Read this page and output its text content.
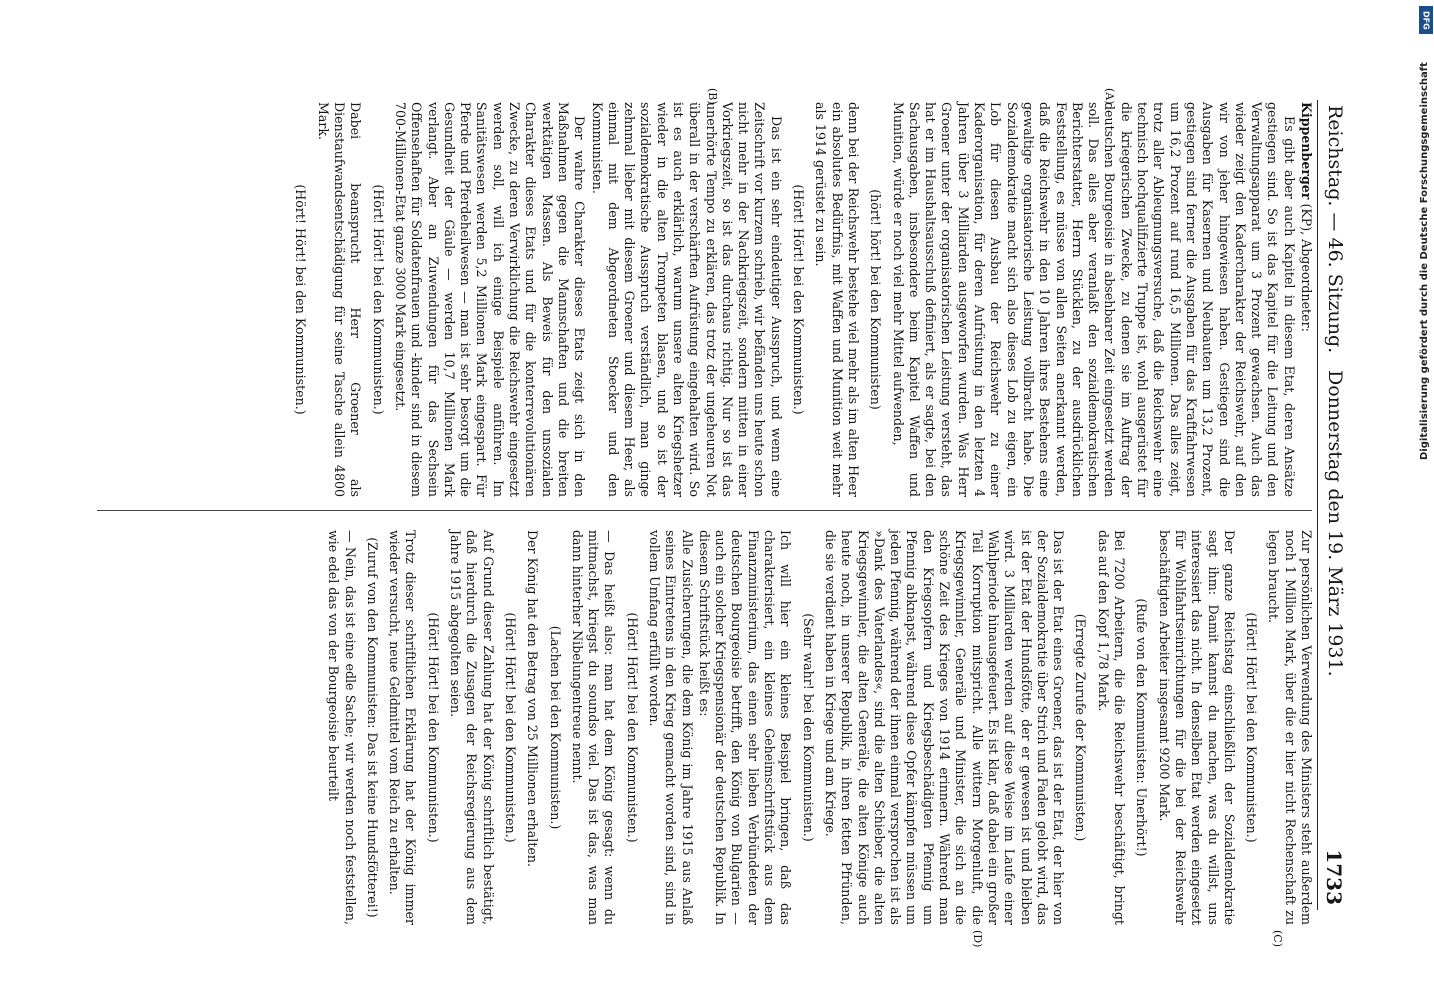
Reichstag. — 46. Sitzung.
Donnerstag den 19. März 1931.
1733
(A)
(B)
(C)
(D)

Kippenberger (KP), Abgeordneter:

Es gibt aber auch Kapitel in diesem Etat, deren Ansätze gestiegen sind. So ist das Kapitel für die Leitung und den Verwaltungsapparat um 3 Prozent gewachsen. Auch das wieder zeigt den Kadercharakter der Reichswehr, auf den wir von jeher hingewiesen haben. Gestiegen sind die Ausgaben für Kasernen und Neubauten um 13,2 Prozent, gestiegen sind ferner die Ausgaben für das Kraftfahrwesen um 16,2 Prozent auf rund 16,5 Millionen. Das alles zeigt, trotz aller Ableugnungsversuche, daß die Reichswehr eine technisch hochqualifizierte Truppe ist, wohl ausgerüstet für die kriegerischen Zwecke, zu denen sie im Auftrag der deutschen Bourgeoisie in absehbarer Zeit eingesetzt werden soll. Das alles aber veranlaßt den sozialdemokratischen Berichterstatter, Herrn Stücklen, zu der ausdrücklichen Feststellung, es müsse von allen Seiten anerkannt werden, daß die Reichswehr in den 10 Jahren ihres Bestehens eine gewaltige organisatorische Leistung vollbracht habe. Die Sozialdemokratie macht sich also dieses Lob zu eigen, ein Lob für diesen Ausbau der Reichswehr zu einer Kaderorganisation, für deren Aufrüstung in den letzten 4 Jahren über 3 Milliarden ausgeworfen wurden. Was Herr Groener unter der organisatorischen Leistung versteht, das hat er im Haushaltsausschuß definiert, als er sagte, bei den Sachausgaben, insbesondere beim Kapitel Waffen und Munition, würde er noch viel mehr Mittel aufwenden,

(hört! hört! bei den Kommunisten)

denn bei der Reichswehr bestehe viel mehr als im alten Heer ein absolutes Bedürfnis, mit Waffen und Munition weit mehr als 1914 gerüstet zu sein.

(Hört! Hört! bei den Kommunisten.)

Das ist ein sehr eindeutiger Ausspruch, und wenn eine Zeitschrift vor kurzem schrieb, wir befänden uns heute schon nicht mehr in der Nachkriegszeit, sondern mitten in einer Vorkriegszeit, so ist das durchaus richtig. Nur so ist das unerhörte Tempo zu erklären, das trotz der ungeheuren Not überall in der verschärften Aufrüstung eingehalten wird. So ist es auch erklärlich, warum unsere alten Kriegshetzer wieder in die alten Trompeten blasen, und so ist der sozialdemokratische Ausspruch verständlich, man ginge zehnmal lieber mit diesem Groener und diesem Heer, als einmal mit dem Abgeordneten Stoecker und den Kommunisten.

Der wahre Charakter dieses Etats zeigt sich in den Maßnahmen gegen die Mannschaften und die breiten werktätigen Massen. Als Beweis für den unsozialen Charakter dieses Etats und für die konterrevolutionären Zwecke, zu deren Verwirklichung die Reichswehr eingesetzt werden soll, will ich einige Beispiele anführen. Im Sanitätswesen werden 5,2 Millionen Mark eingespart. Für Pferde und Pferdeheilwesen — man ist sehr besorgt um die Gesundheit der Gäule — werden 10,7 Millionen Mark verlangt. Aber an Zuwendungen für das Sechsein Offensehaften für Soldatenfrauen und -kinder sind in diesem 700-Millionen-Etat ganze 3000 Mark eingesetzt.

(Hört! Hört! bei den Kommunisten.)

Dabei beansprucht Herr Groener als Dienstaufwandsentschädigung für seine Tasche allein 4800 Mark.

(Hört! Hört! bei den Kommunisten.)

Zur persönlichen Verwendung des Ministers steht außerdem noch 1 Million Mark, über die er hier nicht Rechenschaft zu legen braucht.

(Hört! Hört! bei den Kommunisten.)

Der ganze Reichstag einschließlich der Sozialdemokratie sagt ihm: Damit kannst du machen, was du willst, uns interessiert das nicht. In denselben Etat werden eingesetzt für Wohlfahrtseinrichtungen für die bei der Reichswehr beschäftigten Arbeiter insgesamt 9200 Mark.

(Rufe von den Kommunisten: Unerhört!)

Bei 7200 Arbeitern, die die Reichswehr beschäftigt, bringt das auf den Kopf 1,78 Mark.

(Erregte Zurufe der Kommunisten.)

Das ist der Etat eines Groener, das ist der Etat, der hier von der Sozialdemokratie über Strich und Faden gelobt wird, das ist der Etat der Hundsfötte, der er gewesen ist und bleiben wird. 3 Milliarden werden auf diese Weise im Laufe einer Wahlperiode hinausgefeuert. Es ist klar, daß dabei ein großer Teil Korruption mitspricht. Alle wittern Morgenluft, die Kriegsgewinnler, Generäle und Minister, die sich an die schöne Zeit des Krieges von 1914 erinnern. Während man den Kriegsopfern und Kriegsbeschädigten Pfennig um Pfennig abknapst, während diese Opfer kämpfen müssen um jeden Pfennig, während der ihnen einmal versprochen ist als »Dank des Vaterlandes«, sind die alten Schieber, die alten Kriegsgewinnler, die alten Generäle, die alten Könige auch heute noch, in unserer Republik, in ihren fetten Pfründen, die sie verdient haben in Kriege und am Kriege.

(Sehr wahr! bei den Kommunisten.)

Ich will hier ein kleines Beispiel bringen, daß das charakterisiert, ein kleines Geheimschriftstück aus dem Finanzministerium, das einen sehr lieben Verbündeten der deutschen Bourgeoisie betrifft, den König von Bulgarien — auch ein solcher Kriegspensionär der deutschen Republik. In diesem Schriftstück heißt es:

Alle Zusicherungen, die dem König im Jahre 1915 aus Anlaß seines Eintretens in den Krieg gemacht worden sind, sind in vollem Umfang erfüllt worden.

(Hört! Hört! bei den Kommunisten.)

— Das heißt also: man hat dem König gesagt: wenn du mitmachst, kriegst du soundso viel. Das ist das, was man dann hinterher Nibelungentreue nennt.

(Lachen bei den Kommunisten.)

Der König hat den Betrag von 25 Millionen erhalten.

(Hört! Hört! bei den Kommunisten.)

Auf Grund dieser Zahlung hat der König schriftlich bestätigt, daß hierdurch die Zusagen der Reichsregierung aus dem Jahre 1915 abgegolten seien.

(Hört! Hört! bei den Kommunisten.)

Trotz dieser schriftlichen Erklärung hat der König immer wieder versucht, neue Geldmittel vom Reich zu erhalten.

(Zuruf von den Kommunisten: Das ist keine Hundsfötterei!)

— Nein, das ist eine edle Sache; wir werden noch feststellen, wie edel das von der Bourgeoisie beurteilt

DFG
Digitalisierung gefördert durch die Deutsche Forschungsgemeinschaft
